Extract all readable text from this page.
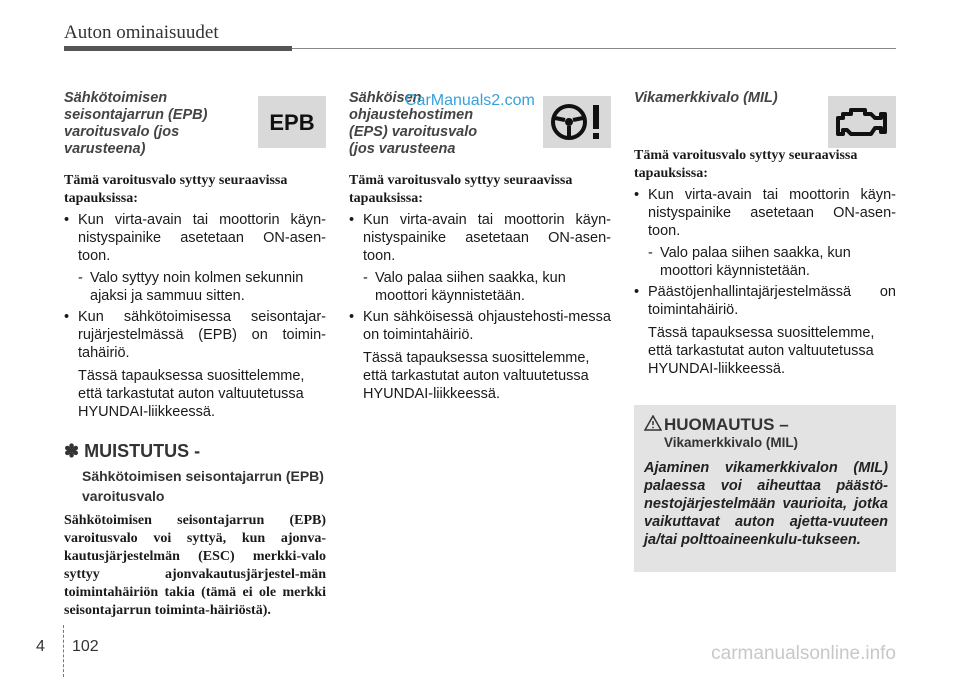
Auton ominaisuudet
Sähkötoimisen seisontajarrun (EPB) varoitusvalo (jos varusteena)
EPB
Tämä varoitusvalo syttyy seuraavissa tapauksissa:
• Kun virta-avain tai moottorin käyn-nistyspainike asetetaan ON-asen-toon.
- Valo syttyy noin kolmen sekunnin ajaksi ja sammuu sitten.
• Kun sähkötoimisessa seisontajar-rujärjestelmässä (EPB) on toimin-tahäiriö.
Tässä tapauksessa suosittelemme, että tarkastutat auton valtuutetussa HYUNDAI-liikkeessä.
✽ MUISTUTUS -
Sähkötoimisen seisontajarrun (EPB) varoitusvalo
Sähkötoimisen seisontajarrun (EPB) varoitusvalo voi syttyä, kun ajonva-kautusjärjestelmän (ESC) merkki-valo syttyy ajonvakautusjärjestel-män toimintahäiriön takia (tämä ei ole merkki seisontajarrun toiminta-häiriöstä).
Sähköisen ohjaustehostimen (EPS) varoitusvalo (jos varusteena
Tämä varoitusvalo syttyy seuraavissa tapauksissa:
• Kun virta-avain tai moottorin käyn-nistyspainike asetetaan ON-asen-toon.
- Valo palaa siihen saakka, kun moottori käynnistetään.
• Kun sähköisessä ohjaustehosti-messa on toimintahäiriö.
Tässä tapauksessa suosittelemme, että tarkastutat auton valtuutetussa HYUNDAI-liikkeessä.
Vikamerkkivalo (MIL)
Tämä varoitusvalo syttyy seuraavissa tapauksissa:
• Kun virta-avain tai moottorin käyn-nistyspainike asetetaan ON-asen-toon.
- Valo palaa siihen saakka, kun moottori käynnistetään.
• Päästöjenhallintajärjestelmässä on toimintahäiriö.
Tässä tapauksessa suosittelemme, että tarkastutat auton valtuutetussa HYUNDAI-liikkeessä.
HUOMAUTUS –
Vikamerkkivalo (MIL)
Ajaminen vikamerkkivalon (MIL) palaessa voi aiheuttaa päästö-nestojärjestelmään vaurioita, jotka vaikuttavat auton ajetta-vuuteen ja/tai polttoaineenkulu-tukseen.
CarManuals2.com
carmanualsonline.info
4 102
